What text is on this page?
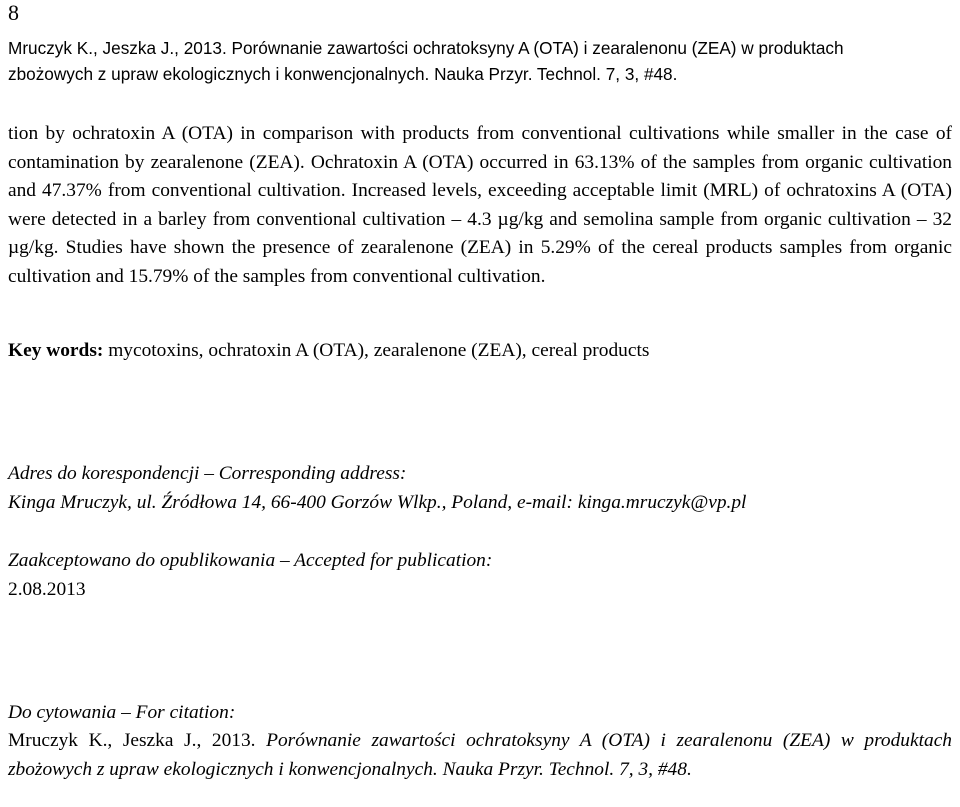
8
Mruczyk K., Jeszka J., 2013. Porównanie zawartości ochratoksyny A (OTA) i zearalenonu (ZEA) w produktach
zbożowych z upraw ekologicznych i konwencjonalnych. Nauka Przyr. Technol. 7, 3, #48.

tion by ochratoxin A (OTA) in comparison with products from conventional cultivations while smaller in the case of contamination by zearalenone (ZEA). Ochratoxin A (OTA) occurred in 63.13% of the samples from organic cultivation and 47.37% from conventional cultivation. Increased levels, exceeding acceptable limit (MRL) of ochratoxins A (OTA) were detected in a barley from conventional cultivation – 4.3 µg/kg and semolina sample from organic cultivation – 32 µg/kg. Studies have shown the presence of zearalenone (ZEA) in 5.29% of the cereal products samples from organic cultivation and 15.79% of the samples from conventional cultivation.

Key words: mycotoxins, ochratoxin A (OTA), zearalenone (ZEA), cereal products
Adres do korespondencji – Corresponding address:
Kinga Mruczyk, ul. Źródłowa 14, 66-400 Gorzów Wlkp., Poland, e-mail: kinga.mruczyk@vp.pl
Zaakceptowano do opublikowania – Accepted for publication:
2.08.2013
Do cytowania – For citation:

Mruczyk K., Jeszka J., 2013. Porównanie zawartości ochratoksyny A (OTA) i zearalenonu (ZEA) w produktach zbożowych z upraw ekologicznych i konwencjonalnych. Nauka Przyr. Technol. 7, 3, #48.
